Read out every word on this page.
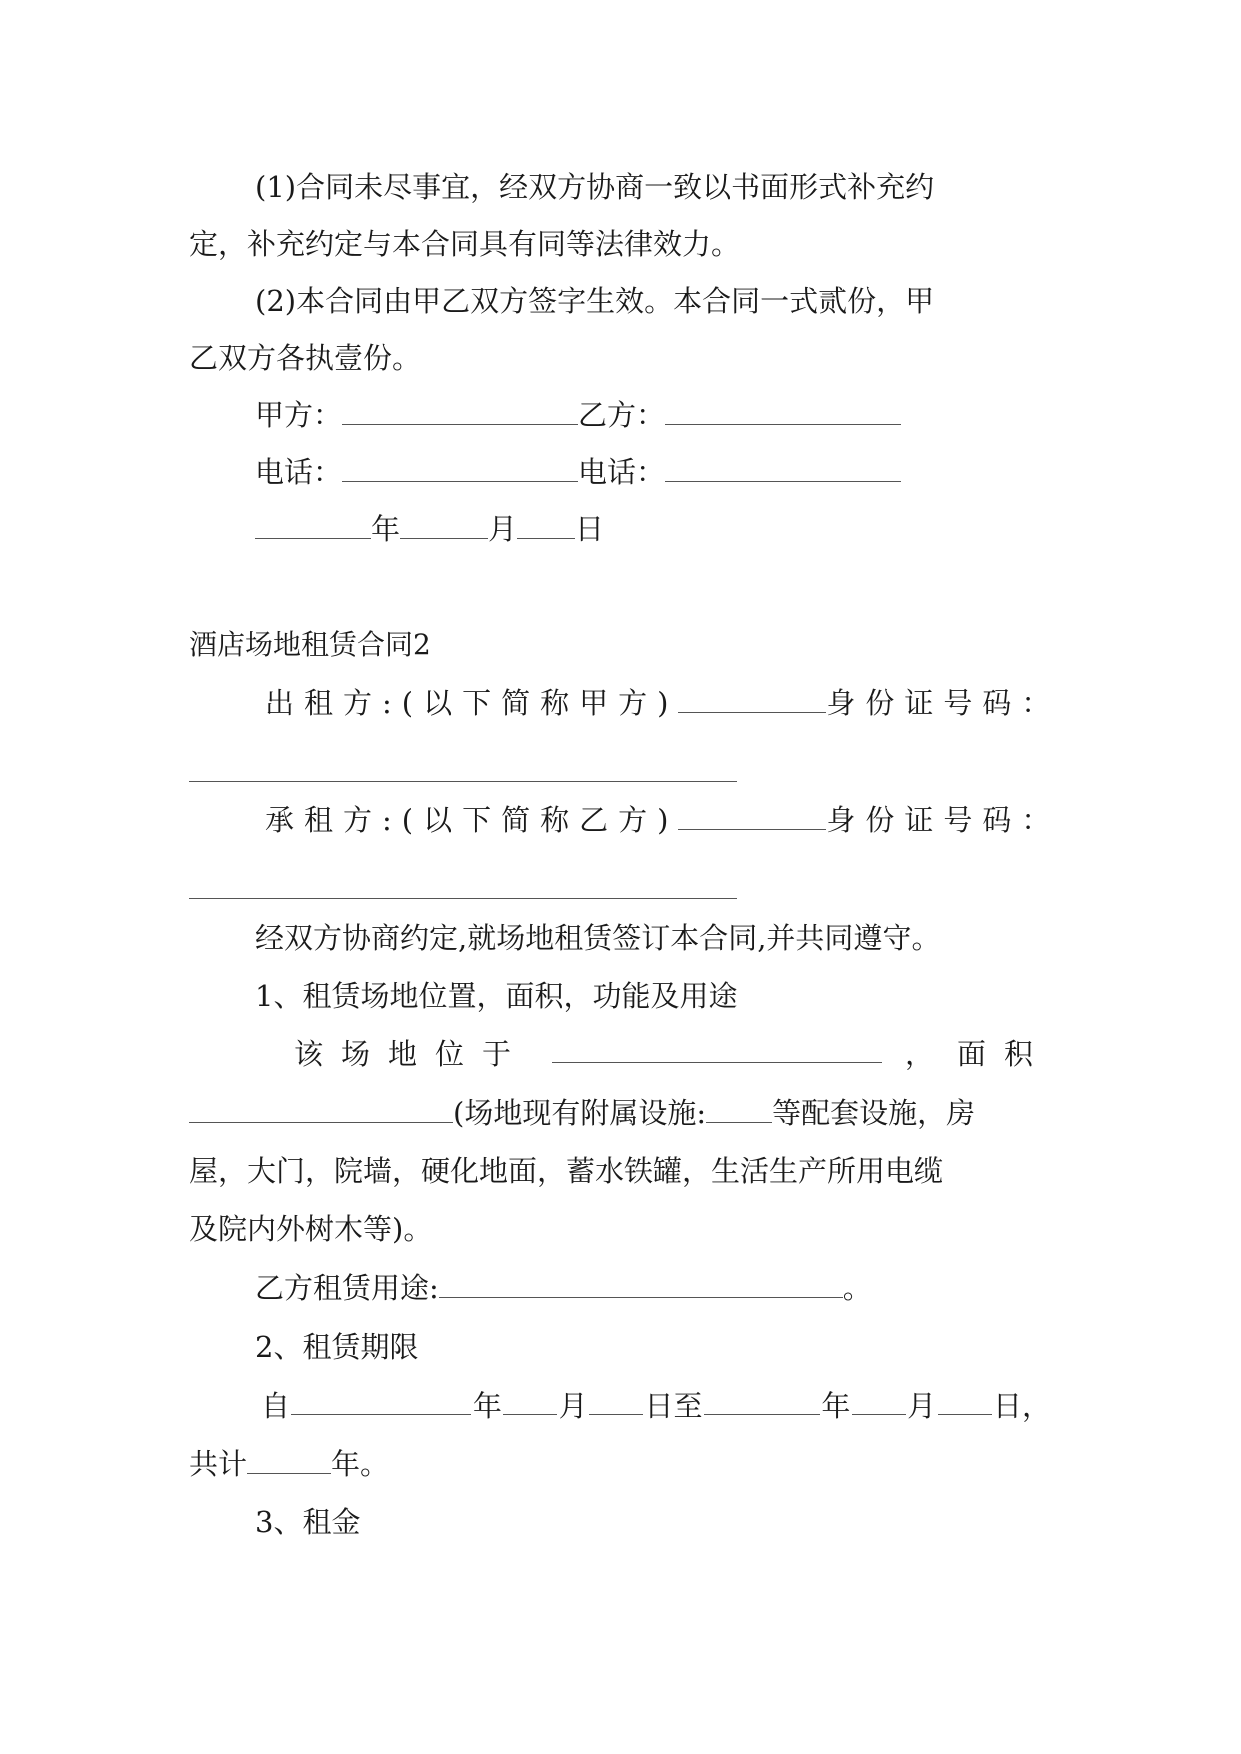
(1)合同未尽事宜，经双方协商一致以书面形式补充约
定，补充约定与本合同具有同等法律效力。
(2)本合同由甲乙双方签字生效。本合同一式贰份，甲
乙双方各执壹份。
甲方：	乙方：
电话：	电话：
年	月 日
酒店场地租赁合同2
出租方:(以下简称甲方)	身份证号码：
承租方:(以下简称乙方)	身份证号码：
经双方协商约定,就场地租赁签订本合同,并共同遵守。
1、租赁场地位置，面积，功能及用途
该场地位于	， 面积
(场地现有附属设施: 等配套设施，房
屋，大门，院墙，硬化地面，蓄水铁罐，生活生产所用电缆
及院内外树木等)。
乙方租赁用途:	。
2、租赁期限
自	年 月 日至	年 月 日，
共计	年。
3、租金
